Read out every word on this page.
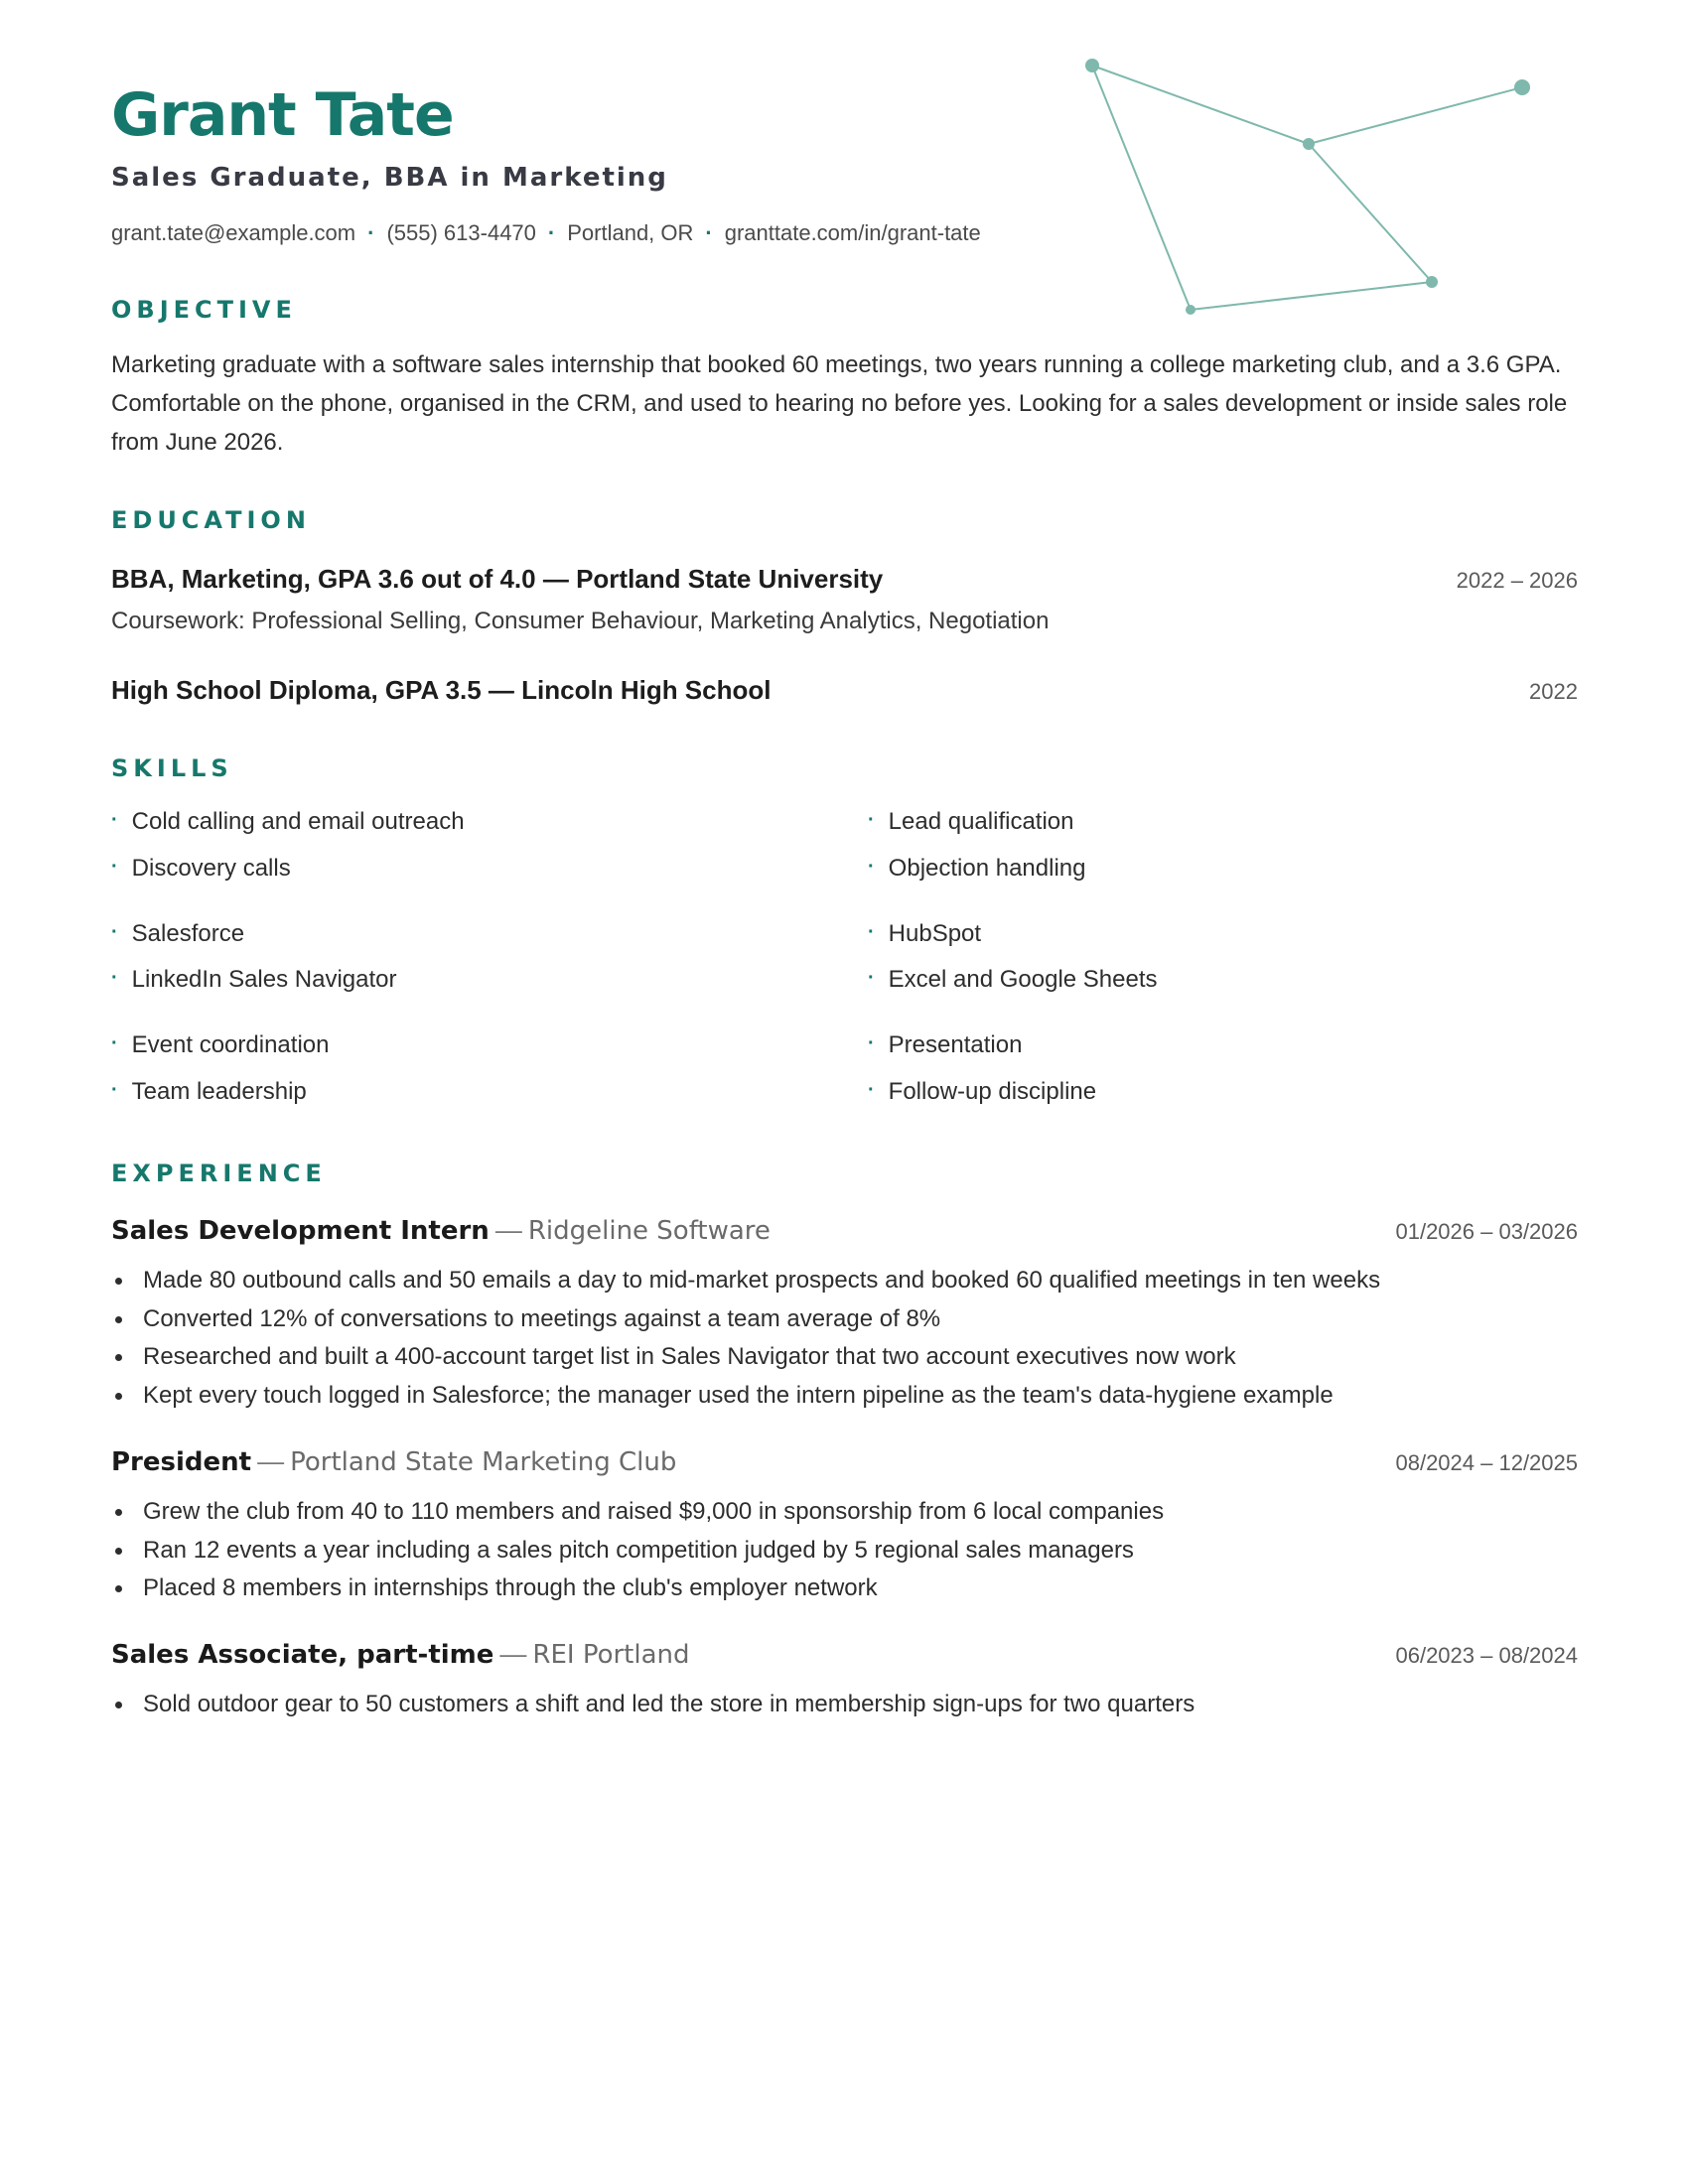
Grant Tate
Sales Graduate, BBA in Marketing
grant.tate@example.com · (555) 613-4470 · Portland, OR · granttate.com/in/grant-tate
OBJECTIVE
Marketing graduate with a software sales internship that booked 60 meetings, two years running a college marketing club, and a 3.6 GPA. Comfortable on the phone, organised in the CRM, and used to hearing no before yes. Looking for a sales development or inside sales role from June 2026.
EDUCATION
BBA, Marketing, GPA 3.6 out of 4.0 — Portland State University	2022 – 2026
Coursework: Professional Selling, Consumer Behaviour, Marketing Analytics, Negotiation
High School Diploma, GPA 3.5 — Lincoln High School	2022
SKILLS
· Cold calling and email outreach	· Lead qualification
· Discovery calls	· Objection handling
· Salesforce	· HubSpot
· LinkedIn Sales Navigator	· Excel and Google Sheets
· Event coordination	· Presentation
· Team leadership	· Follow-up discipline
EXPERIENCE
Sales Development Intern — Ridgeline Software	01/2026 – 03/2026
Made 80 outbound calls and 50 emails a day to mid-market prospects and booked 60 qualified meetings in ten weeks
Converted 12% of conversations to meetings against a team average of 8%
Researched and built a 400-account target list in Sales Navigator that two account executives now work
Kept every touch logged in Salesforce; the manager used the intern pipeline as the team's data-hygiene example
President — Portland State Marketing Club	08/2024 – 12/2025
Grew the club from 40 to 110 members and raised $9,000 in sponsorship from 6 local companies
Ran 12 events a year including a sales pitch competition judged by 5 regional sales managers
Placed 8 members in internships through the club's employer network
Sales Associate, part-time — REI Portland	06/2023 – 08/2024
Sold outdoor gear to 50 customers a shift and led the store in membership sign-ups for two quarters
